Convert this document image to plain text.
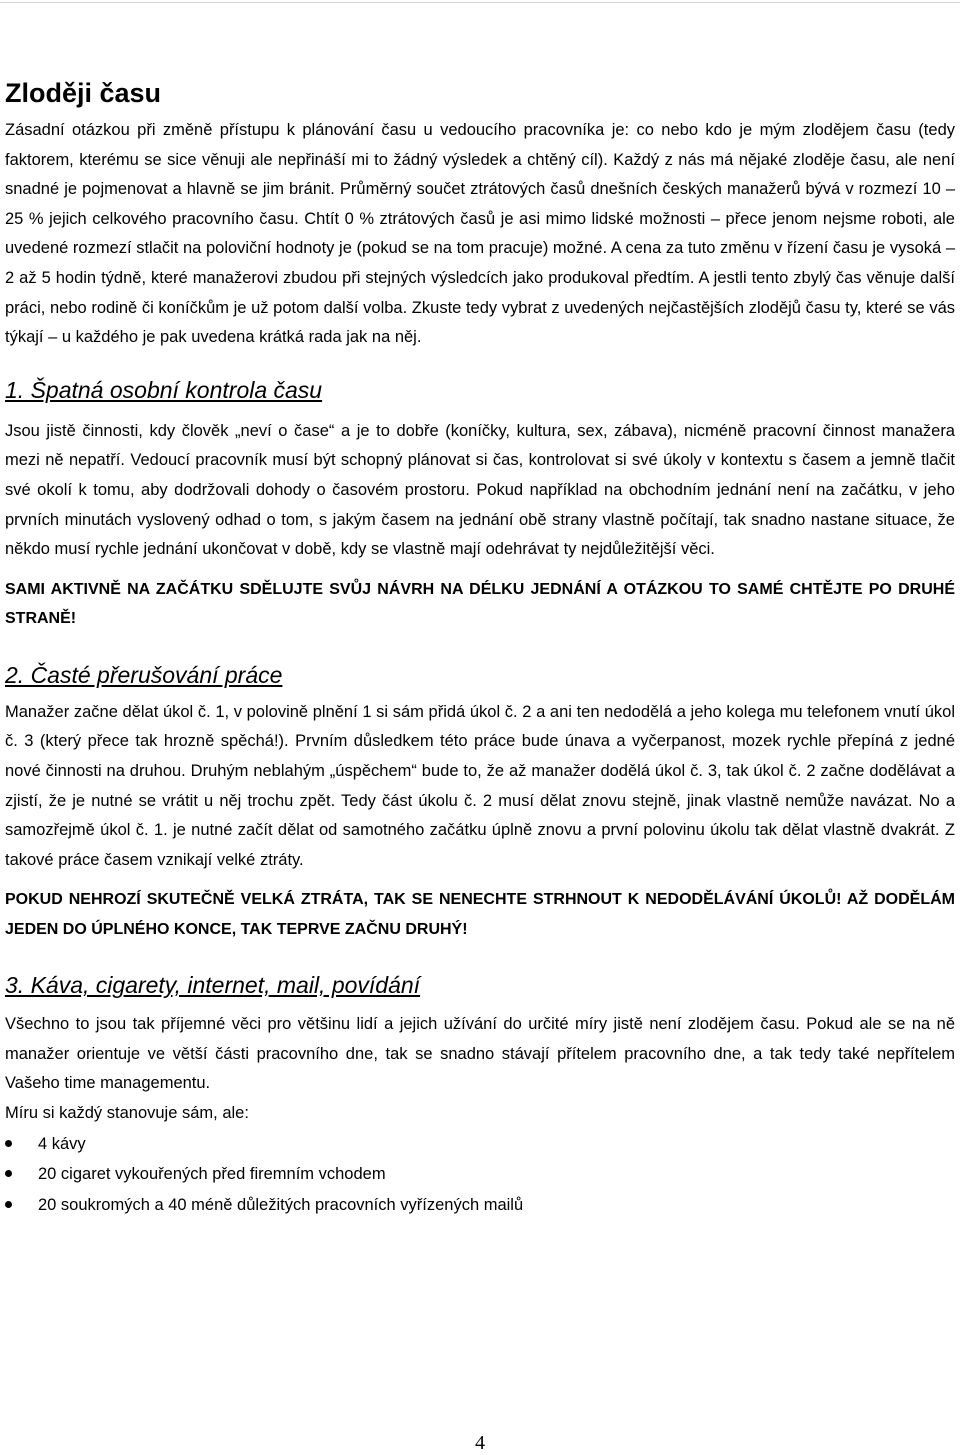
Zloději času

Zásadní otázkou při změně přístupu k plánování času u vedoucího pracovníka je: co nebo kdo je mým zlodějem času (tedy faktorem, kterému se sice věnuji ale nepřináší mi to žádný výsledek a chtěný cíl). Každý z nás má nějaké zloděje času, ale není snadné je pojmenovat a hlavně se jim bránit. Průměrný součet ztrátových časů dnešních českých manažerů bývá v rozmezí 10 – 25 % jejich celkového pracovního času. Chtít 0 % ztrátových časů je asi mimo lidské možnosti – přece jenom nejsme roboti, ale uvedené rozmezí stlačit na poloviční hodnoty je (pokud se na tom pracuje) možné. A cena za tuto změnu v řízení času je vysoká – 2 až 5 hodin týdně, které manažerovi zbudou při stejných výsledcích jako produkoval předtím. A jestli tento zbylý čas věnuje další práci, nebo rodině či koníčkům je už potom další volba. Zkuste tedy vybrat z uvedených nejčastějších zlodějů času ty, které se vás týkají – u každého je pak uvedena krátká rada jak na něj.

1. Špatná osobní kontrola času

Jsou jistě činnosti, kdy člověk „neví o čase“ a je to dobře (koníčky, kultura, sex, zábava), nicméně pracovní činnost manažera mezi ně nepatří. Vedoucí pracovník musí být schopný plánovat si čas, kontrolovat si své úkoly v kontextu s časem a jemně tlačit své okolí k tomu, aby dodržovali dohody o časovém prostoru. Pokud například na obchodním jednání není na začátku, v jeho prvních minutách vyslovený odhad o tom, s jakým časem na jednání obě strany vlastně počítají, tak snadno nastane situace, že někdo musí rychle jednání ukončovat v době, kdy se vlastně mají odehrávat ty nejdůležitější věci.

SAMI AKTIVNĚ NA ZAČÁTKU SDĚLUJTE SVŮJ NÁVRH NA DÉLKU JEDNÁNÍ A OTÁZKOU TO SAMÉ CHTĚJTE PO DRUHÉ STRANĚ!

2. Časté přerušování práce

Manažer začne dělat úkol č. 1, v polovině plnění 1 si sám přidá úkol č. 2 a ani ten nedodělá a jeho kolega mu telefonem vnutí úkol č. 3 (který přece tak hrozně spěchá!). Prvním důsledkem této práce bude únava a vyčerpanost, mozek rychle přepíná z jedné nové činnosti na druhou. Druhým neblahým „úspěchem“ bude to, že až manažer dodělá úkol č. 3, tak úkol č. 2 začne dodělávat a zjistí, že je nutné se vrátit u něj trochu zpět. Tedy část úkolu č. 2 musí dělat znovu stejně, jinak vlastně nemůže navázat. No a samozřejmě úkol č. 1. je nutné začít dělat od samotného začátku úplně znovu a první polovinu úkolu tak dělat vlastně dvakrát. Z takové práce časem vznikají velké ztráty.

POKUD NEHROZÍ SKUTEČNĚ VELKÁ ZTRÁTA, TAK SE NENECHTE STRHNOUT K NEDODĚLÁVÁNÍ ÚKOLŮ! AŽ DODĚLÁM JEDEN DO ÚPLNÉHO KONCE, TAK TEPRVE ZAČNU DRUHÝ!

3. Káva, cigarety, internet, mail, povídání

Všechno to jsou tak příjemné věci pro většinu lidí a jejich užívání do určité míry jistě není zlodějem času. Pokud ale se na ně manažer orientuje ve větší části pracovního dne, tak se snadno stávají přítelem pracovního dne, a tak tedy také nepřítelem Vašeho time managementu.

Míru si každý stanovuje sám, ale:

4 kávy
20 cigaret vykouřených před firemním vchodem
20 soukromých a 40 méně důležitých pracovních vyřízených mailů
4
